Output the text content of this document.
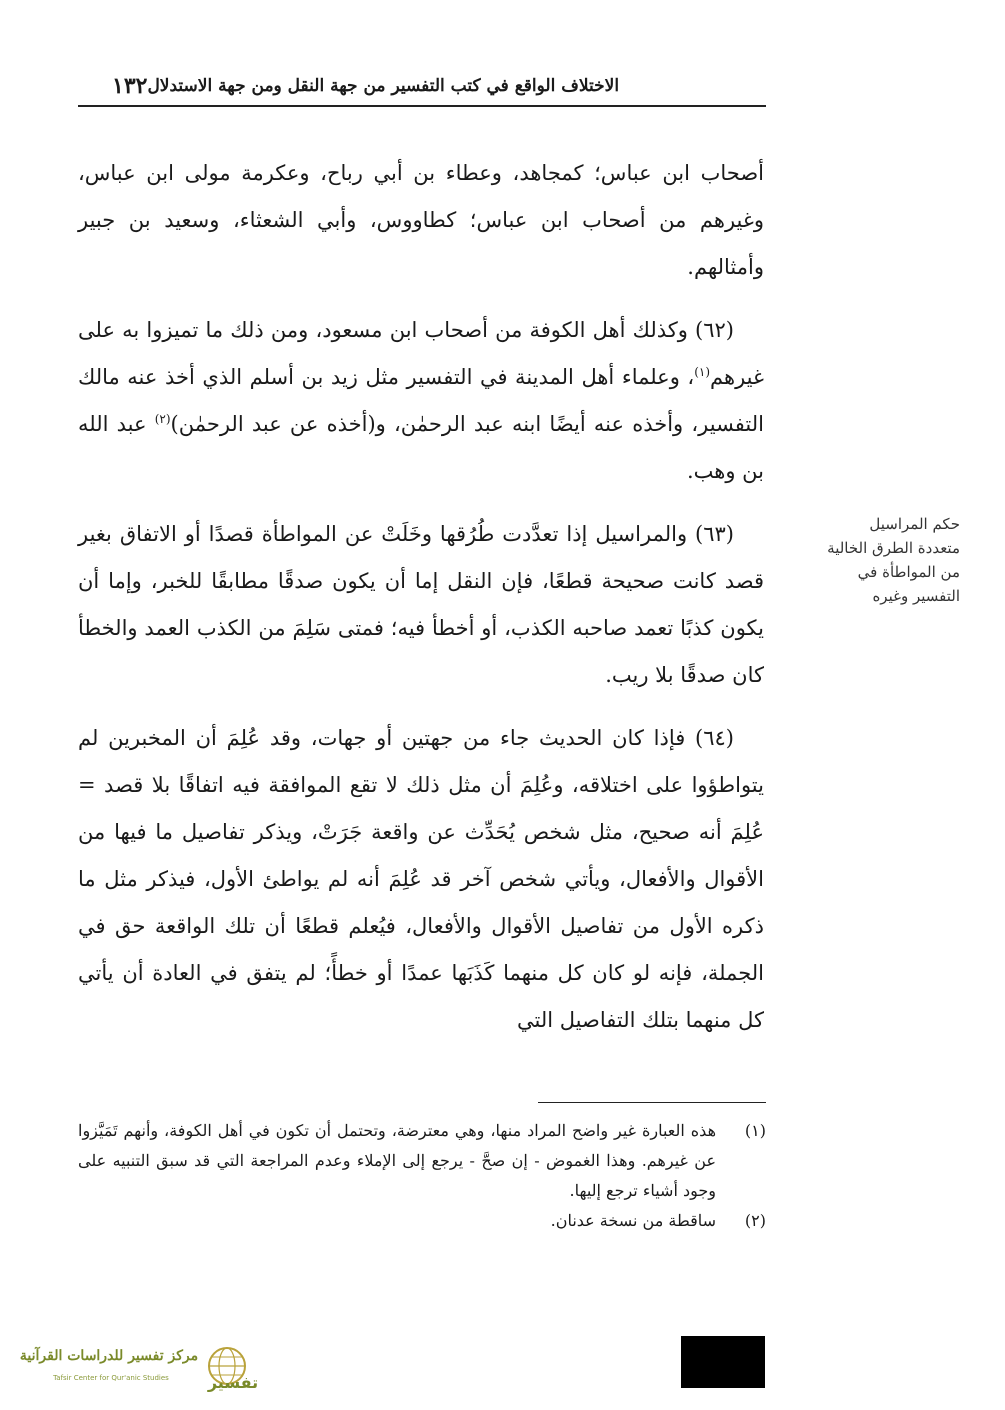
١٣٢ الاختلاف الواقع في كتب التفسير من جهة النقل ومن جهة الاستدلال

أصحاب ابن عباس؛ كمجاهد، وعطاء بن أبي رباح، وعكرمة مولى ابن عباس، وغيرهم من أصحاب ابن عباس؛ كطاووس، وأبي الشعثاء، وسعيد بن جبير وأمثالهم.

(٦٢) وكذلك أهل الكوفة من أصحاب ابن مسعود، ومن ذلك ما تميزوا به على غيرهم$^{(١)}$، وعلماء أهل المدينة في التفسير مثل زيد بن أسلم الذي أخذ عنه مالك التفسير، وأخذه عنه أيضًا ابنه عبد الرحمٰن، و(أخذه عن عبد الرحمٰن)$^{(٢)}$ عبد الله بن وهب.

(٦٣) والمراسيل إذا تعدَّدت طُرُقها وخَلَتْ عن المواطأة قصدًا أو الاتفاق بغير قصد كانت صحيحة قطعًا، فإن النقل إما أن يكون صدقًا مطابقًا للخبر، وإما أن يكون كذبًا تعمد صاحبه الكذب، أو أخطأ فيه؛ فمتى سَلِمَ من الكذب العمد والخطأ كان صدقًا بلا ريب.

(٦٤) فإذا كان الحديث جاء من جهتين أو جهات، وقد عُلِمَ أن المخبرين لم يتواطؤوا على اختلاقه، وعُلِمَ أن مثل ذلك لا تقع الموافقة فيه اتفاقًا بلا قصد = عُلِمَ أنه صحيح، مثل شخص يُحَدِّث عن واقعة جَرَتْ، ويذكر تفاصيل ما فيها من الأقوال والأفعال، ويأتي شخص آخر قد عُلِمَ أنه لم يواطئ الأول، فيذكر مثل ما ذكره الأول من تفاصيل الأقوال والأفعال، فيُعلم قطعًا أن تلك الواقعة حق في الجملة، فإنه لو كان كل منهما كَذَبَها عمدًا أو خطأً؛ لم يتفق في العادة أن يأتي كل منهما بتلك التفاصيل التي

حكم المراسيل
متعددة الطرق الخالية
من المواطأة في
التفسير وغيره
(١)
هذه العبارة غير واضح المراد منها، وهي معترضة، وتحتمل أن تكون في أهل الكوفة، وأنهم تَمَيَّزوا عن غيرهم. وهذا الغموض - إن صحَّ - يرجع إلى الإملاء وعدم المراجعة التي قد سبق التنبيه على وجود أشياء ترجع إليها.
(٢)
ساقطة من نسخة عدنان.
مركز تفسير للدراسات القرآنية
Tafsir Center for Qur'anic Studies	تفسير
